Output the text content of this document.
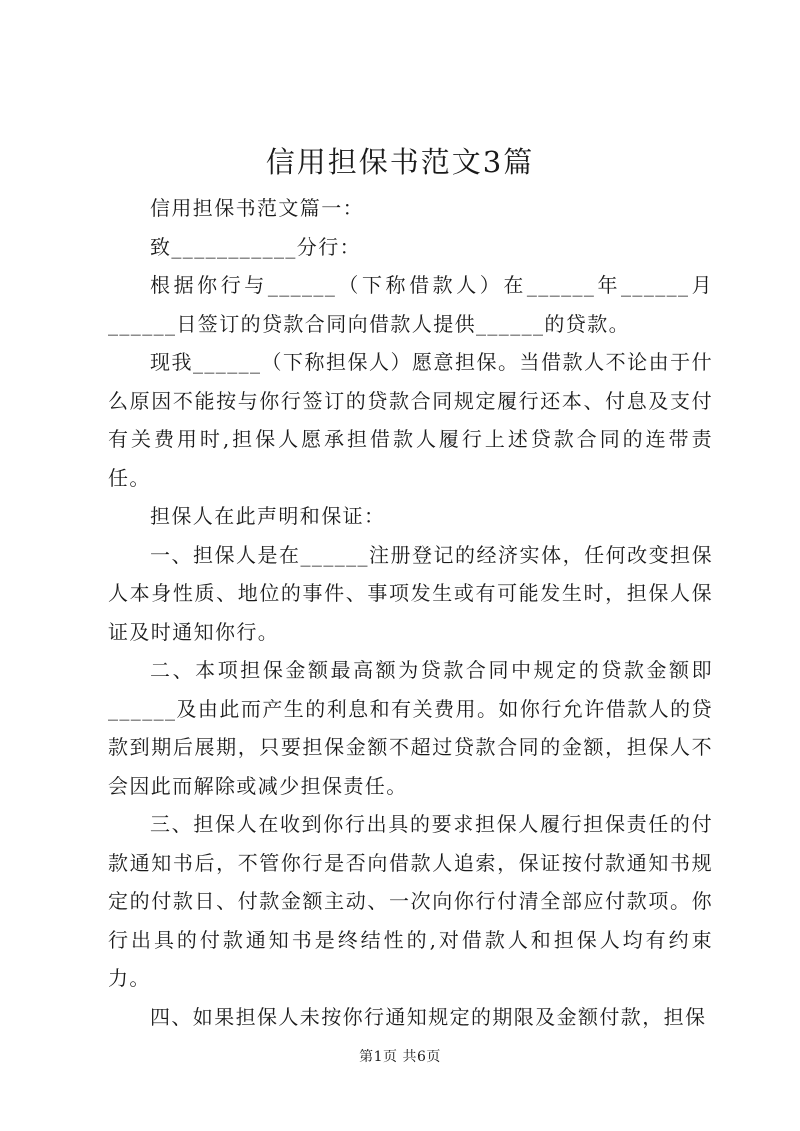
信用担保书范文3篇

信用担保书范文篇一：

致___________分行：

根据你行与______（下称借款人）在______年______月______日签订的贷款合同向借款人提供______的贷款。

现我______（下称担保人）愿意担保。当借款人不论由于什么原因不能按与你行签订的贷款合同规定履行还本、付息及支付有关费用时,担保人愿承担借款人履行上述贷款合同的连带责任。

担保人在此声明和保证：

一、担保人是在______注册登记的经济实体，任何改变担保人本身性质、地位的事件、事项发生或有可能发生时，担保人保证及时通知你行。

二、本项担保金额最高额为贷款合同中规定的贷款金额即______及由此而产生的利息和有关费用。如你行允许借款人的贷款到期后展期，只要担保金额不超过贷款合同的金额，担保人不会因此而解除或减少担保责任。

三、担保人在收到你行出具的要求担保人履行担保责任的付款通知书后，不管你行是否向借款人追索，保证按付款通知书规定的付款日、付款金额主动、一次向你行付清全部应付款项。你行出具的付款通知书是终结性的,对借款人和担保人均有约束力。

四、如果担保人未按你行通知规定的期限及金额付款，担保

第1页 共6页
